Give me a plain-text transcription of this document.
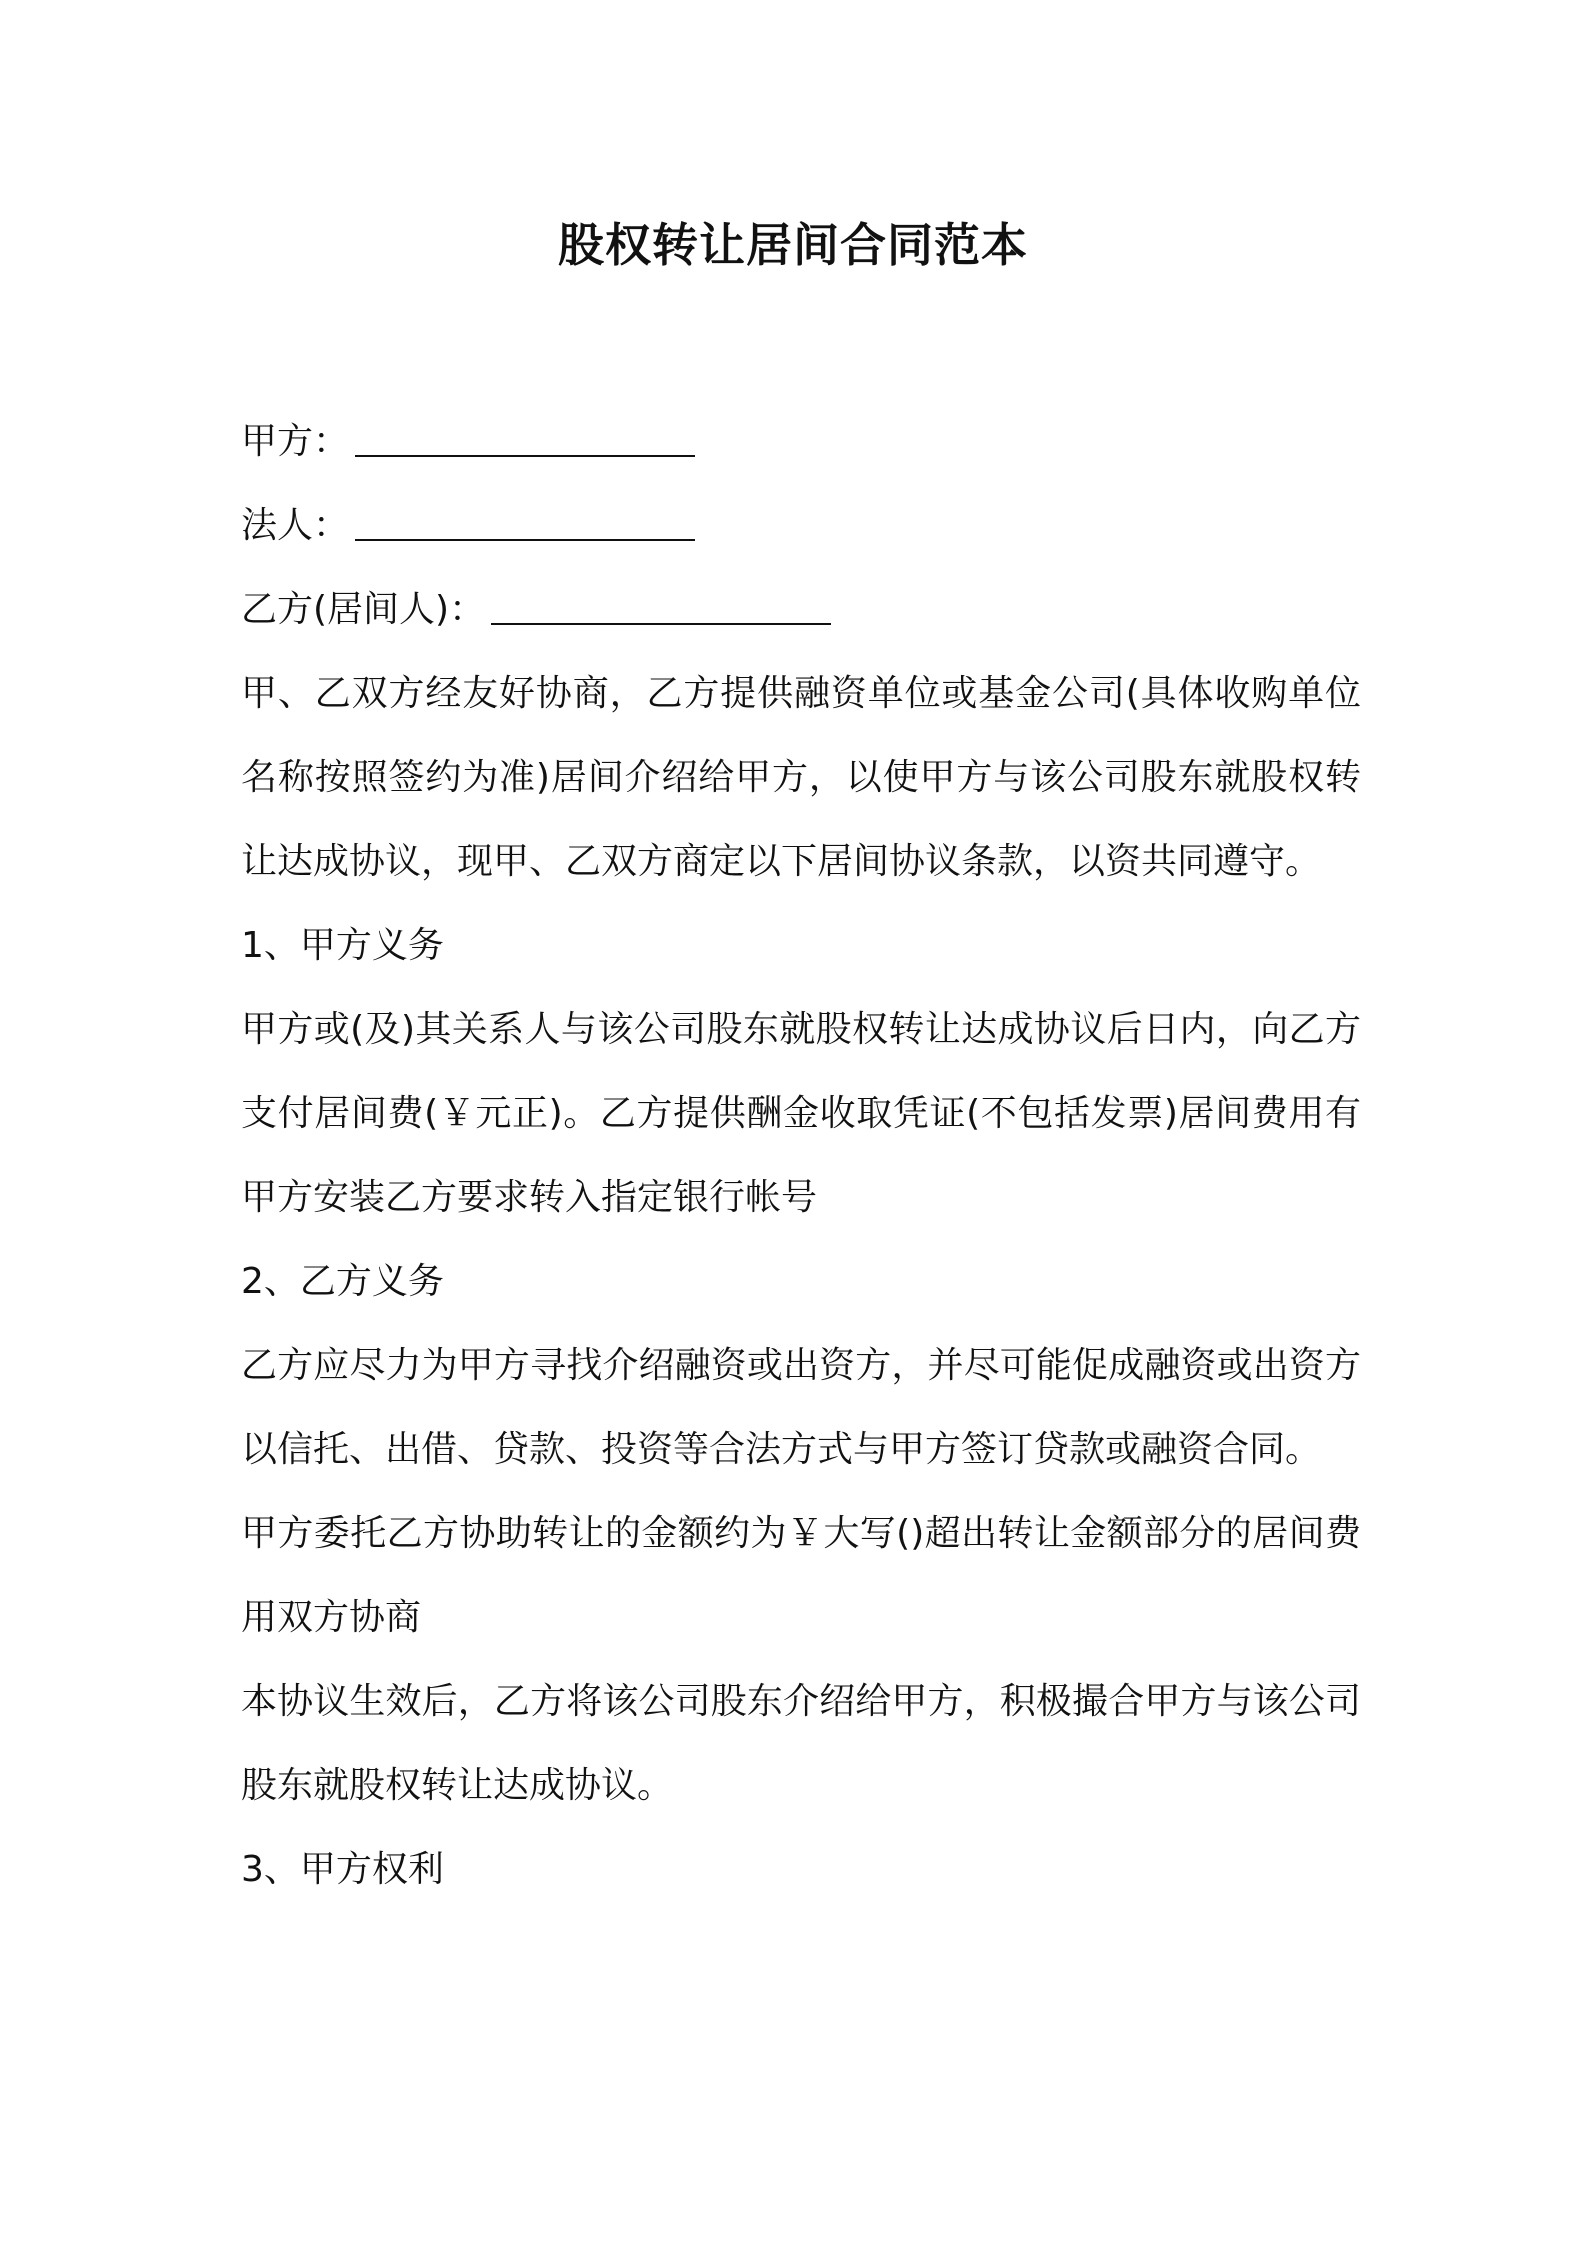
股权转让居间合同范本

甲方：

法人：

乙方(居间人)：

甲、乙双方经友好协商，乙方提供融资单位或基金公司(具体收购单位名称按照签约为准)居间介绍给甲方，以使甲方与该公司股东就股权转让达成协议，现甲、乙双方商定以下居间协议条款，以资共同遵守。

1、甲方义务

甲方或(及)其关系人与该公司股东就股权转让达成协议后日内，向乙方支付居间费(￥元正)。乙方提供酬金收取凭证(不包括发票)居间费用有甲方安装乙方要求转入指定银行帐号

2、乙方义务

乙方应尽力为甲方寻找介绍融资或出资方，并尽可能促成融资或出资方以信托、出借、贷款、投资等合法方式与甲方签订贷款或融资合同。

甲方委托乙方协助转让的金额约为￥大写()超出转让金额部分的居间费用双方协商

本协议生效后，乙方将该公司股东介绍给甲方，积极撮合甲方与该公司股东就股权转让达成协议。

3、甲方权利
